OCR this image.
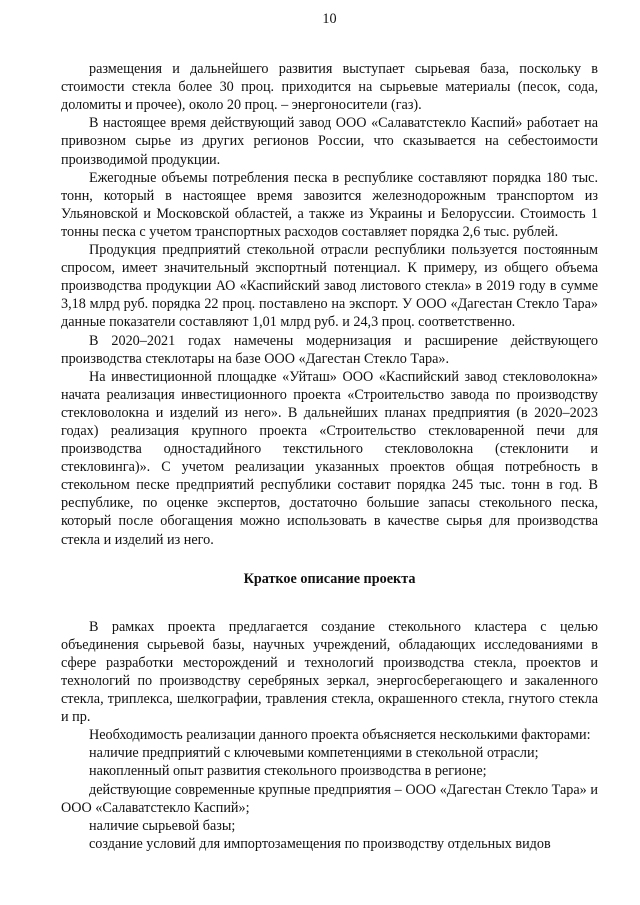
10

размещения и дальнейшего развития выступает сырьевая база, поскольку в стоимости стекла более 30 проц. приходится на сырьевые материалы (песок, сода, доломиты и прочее), около 20 проц. – энергоносители (газ).

В настоящее время действующий завод ООО «Салаватстекло Каспий» работает на привозном сырье из других регионов России, что сказывается на себестоимости производимой продукции.

Ежегодные объемы потребления песка в республике составляют порядка 180 тыс. тонн, который в настоящее время завозится железнодорожным транспортом из Ульяновской и Московской областей, а также из Украины и Белоруссии. Стоимость 1 тонны песка с учетом транспортных расходов составляет порядка 2,6 тыс. рублей.

Продукция предприятий стекольной отрасли республики пользуется постоянным спросом, имеет значительный экспортный потенциал. К примеру, из общего объема производства продукции АО «Каспийский завод листового стекла» в 2019 году в сумме 3,18 млрд руб. порядка 22 проц. поставлено на экспорт. У ООО «Дагестан Стекло Тара» данные показатели составляют 1,01 млрд руб. и 24,3 проц. соответственно.

В 2020–2021 годах намечены модернизация и расширение действующего производства стеклотары на базе ООО «Дагестан Стекло Тара».

На инвестиционной площадке «Уйташ» ООО «Каспийский завод стекловолокна» начата реализация инвестиционного проекта «Строительство завода по производству стекловолокна и изделий из него». В дальнейших планах предприятия (в 2020–2023 годах) реализация крупного проекта «Строительство стекловаренной печи для производства одностадийного текстильного стекловолокна (стеклонити и стекловинга)». С учетом реализации указанных проектов общая потребность в стекольном песке предприятий республики составит порядка 245 тыс. тонн в год. В республике, по оценке экспертов, достаточно большие запасы стекольного песка, который после обогащения можно использовать в качестве сырья для производства стекла и изделий из него.

Краткое описание проекта

В рамках проекта предлагается создание стекольного кластера с целью объединения сырьевой базы, научных учреждений, обладающих исследованиями в сфере разработки месторождений и технологий производства стекла, проектов и технологий по производству серебряных зеркал, энергосберегающего и закаленного стекла, триплекса, шелкографии, травления стекла, окрашенного стекла, гнутого стекла и пр.

Необходимость реализации данного проекта объясняется несколькими факторами:

наличие предприятий с ключевыми компетенциями в стекольной отрасли;

накопленный опыт развития стекольного производства в регионе;

действующие современные крупные предприятия – ООО «Дагестан Стекло Тара» и ООО «Салаватстекло Каспий»;

наличие сырьевой базы;

создание условий для импортозамещения по производству отдельных видов
